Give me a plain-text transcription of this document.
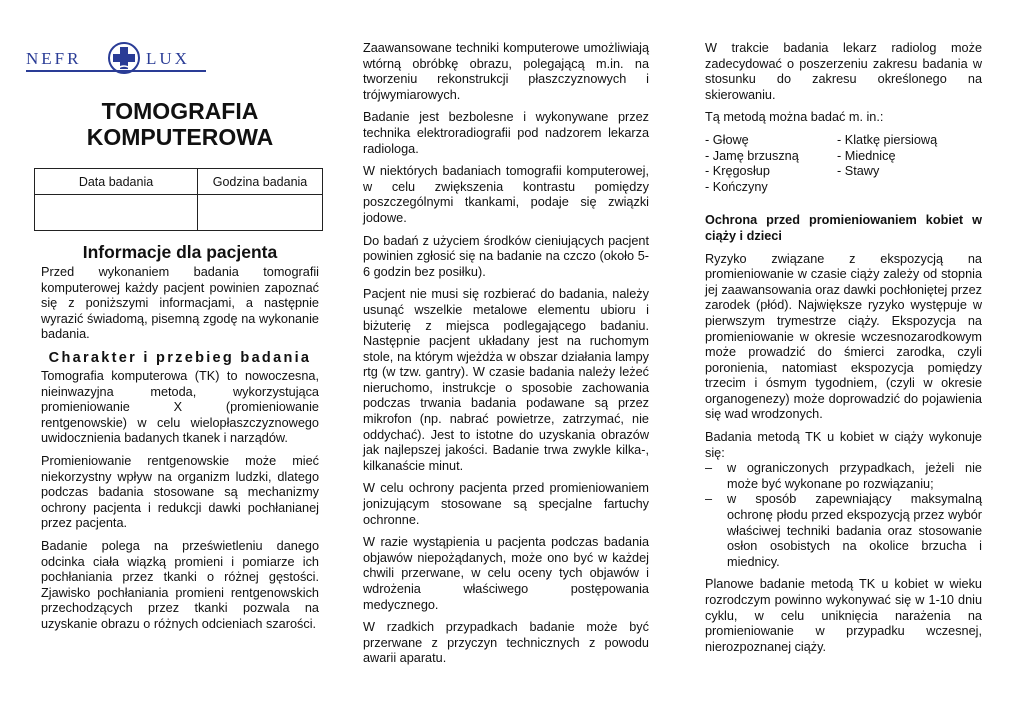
NEFR	LUX
TOMOGRAFIA
KOMPUTEROWA
Data badania	Godzina badania

Informacje dla pacjenta

Przed wykonaniem badania tomografii komputerowej każdy pacjent powinien zapoznać się z poniższymi informacjami, a następnie wyrazić świadomą, pisemną zgodę na wykonanie badania.

Charakter i przebieg badania

Tomografia komputerowa (TK) to nowoczesna, nieinwazyjna metoda, wykorzystująca promieniowanie X (promieniowanie rentgenowskie) w celu wielopłaszczyznowego uwidocznienia badanych tkanek i narządów.

Promieniowanie rentgenowskie może mieć niekorzystny wpływ na organizm ludzki, dlatego podczas badania stosowane są mechanizmy ochrony pacjenta i redukcji dawki pochłanianej przez pacjenta.

Badanie polega na prześwietleniu danego odcinka ciała wiązką promieni i pomiarze ich pochłaniania przez tkanki o różnej gęstości. Zjawisko pochłaniania promieni rentgenowskich przechodzących przez tkanki pozwala na uzyskanie obrazu o różnych odcieniach szarości.

Zaawansowane techniki komputerowe umożliwiają wtórną obróbkę obrazu, polegającą m.in. na tworzeniu rekonstrukcji płaszczyznowych i trójwymiarowych.

Badanie jest bezbolesne i wykonywane przez technika elektroradiografii pod nadzorem lekarza radiologa.

W niektórych badaniach tomografii komputerowej, w celu zwiększenia kontrastu pomiędzy poszczególnymi tkankami, podaje się związki jodowe.

Do badań z użyciem środków cieniujących pacjent powinien zgłosić się na badanie na czczo (około 5-6 godzin bez posiłku).

Pacjent nie musi się rozbierać do badania, należy usunąć wszelkie metalowe elementu ubioru i biżuterię z miejsca podlegającego badaniu. Następnie pacjent układany jest na ruchomym stole, na którym wjeżdża w obszar działania lampy rtg (w tzw. gantry). W czasie badania należy leżeć nieruchomo, instrukcje o sposobie zachowania podczas trwania badania podawane są przez mikrofon (np. nabrać powietrze, zatrzymać, nie oddychać). Jest to istotne do uzyskania obrazów jak najlepszej jakości. Badanie trwa zwykle kilka-, kilkanaście minut.

W celu ochrony pacjenta przed promieniowaniem jonizującym stosowane są specjalne fartuchy ochronne.

W razie wystąpienia u pacjenta podczas badania objawów niepożądanych, może ono być w każdej chwili przerwane, w celu oceny tych objawów i wdrożenia właściwego postępowania medycznego.

W rzadkich przypadkach badanie może być przerwane z przyczyn technicznych z powodu awarii aparatu.

W trakcie badania lekarz radiolog może zadecydować o poszerzeniu zakresu badania w stosunku do zakresu określonego na skierowaniu.

Tą metodą można badać m. in.:

- Głowę	- Klatkę piersiową
- Jamę brzuszną	- Miednicę
- Kręgosłup	- Stawy
- Kończyny

Ochrona przed promieniowaniem kobiet w ciąży i dzieci

Ryzyko związane z ekspozycją na promieniowanie w czasie ciąży zależy od stopnia jej zaawansowania oraz dawki pochłoniętej przez zarodek (płód). Największe ryzyko występuje w pierwszym trymestrze ciąży. Ekspozycja na promieniowanie w okresie wczesnozarodkowym może prowadzić do śmierci zarodka, czyli poronienia, natomiast ekspozycja pomiędzy trzecim i ósmym tygodniem, (czyli w okresie organogenezy) może doprowadzić do pojawienia się wad wrodzonych.

Badania metodą TK u kobiet w ciąży wykonuje się:

– w ograniczonych przypadkach, jeżeli nie może być wykonane po rozwiązaniu;
– w sposób zapewniający maksymalną ochronę płodu przed ekspozycją przez wybór właściwej techniki badania oraz stosowanie osłon osobistych na okolice brzucha i miednicy.

Planowe badanie metodą TK u kobiet w wieku rozrodczym powinno wykonywać się w 1-10 dniu cyklu, w celu uniknięcia narażenia na promieniowanie w przypadku wczesnej, nierozpoznanej ciąży.
